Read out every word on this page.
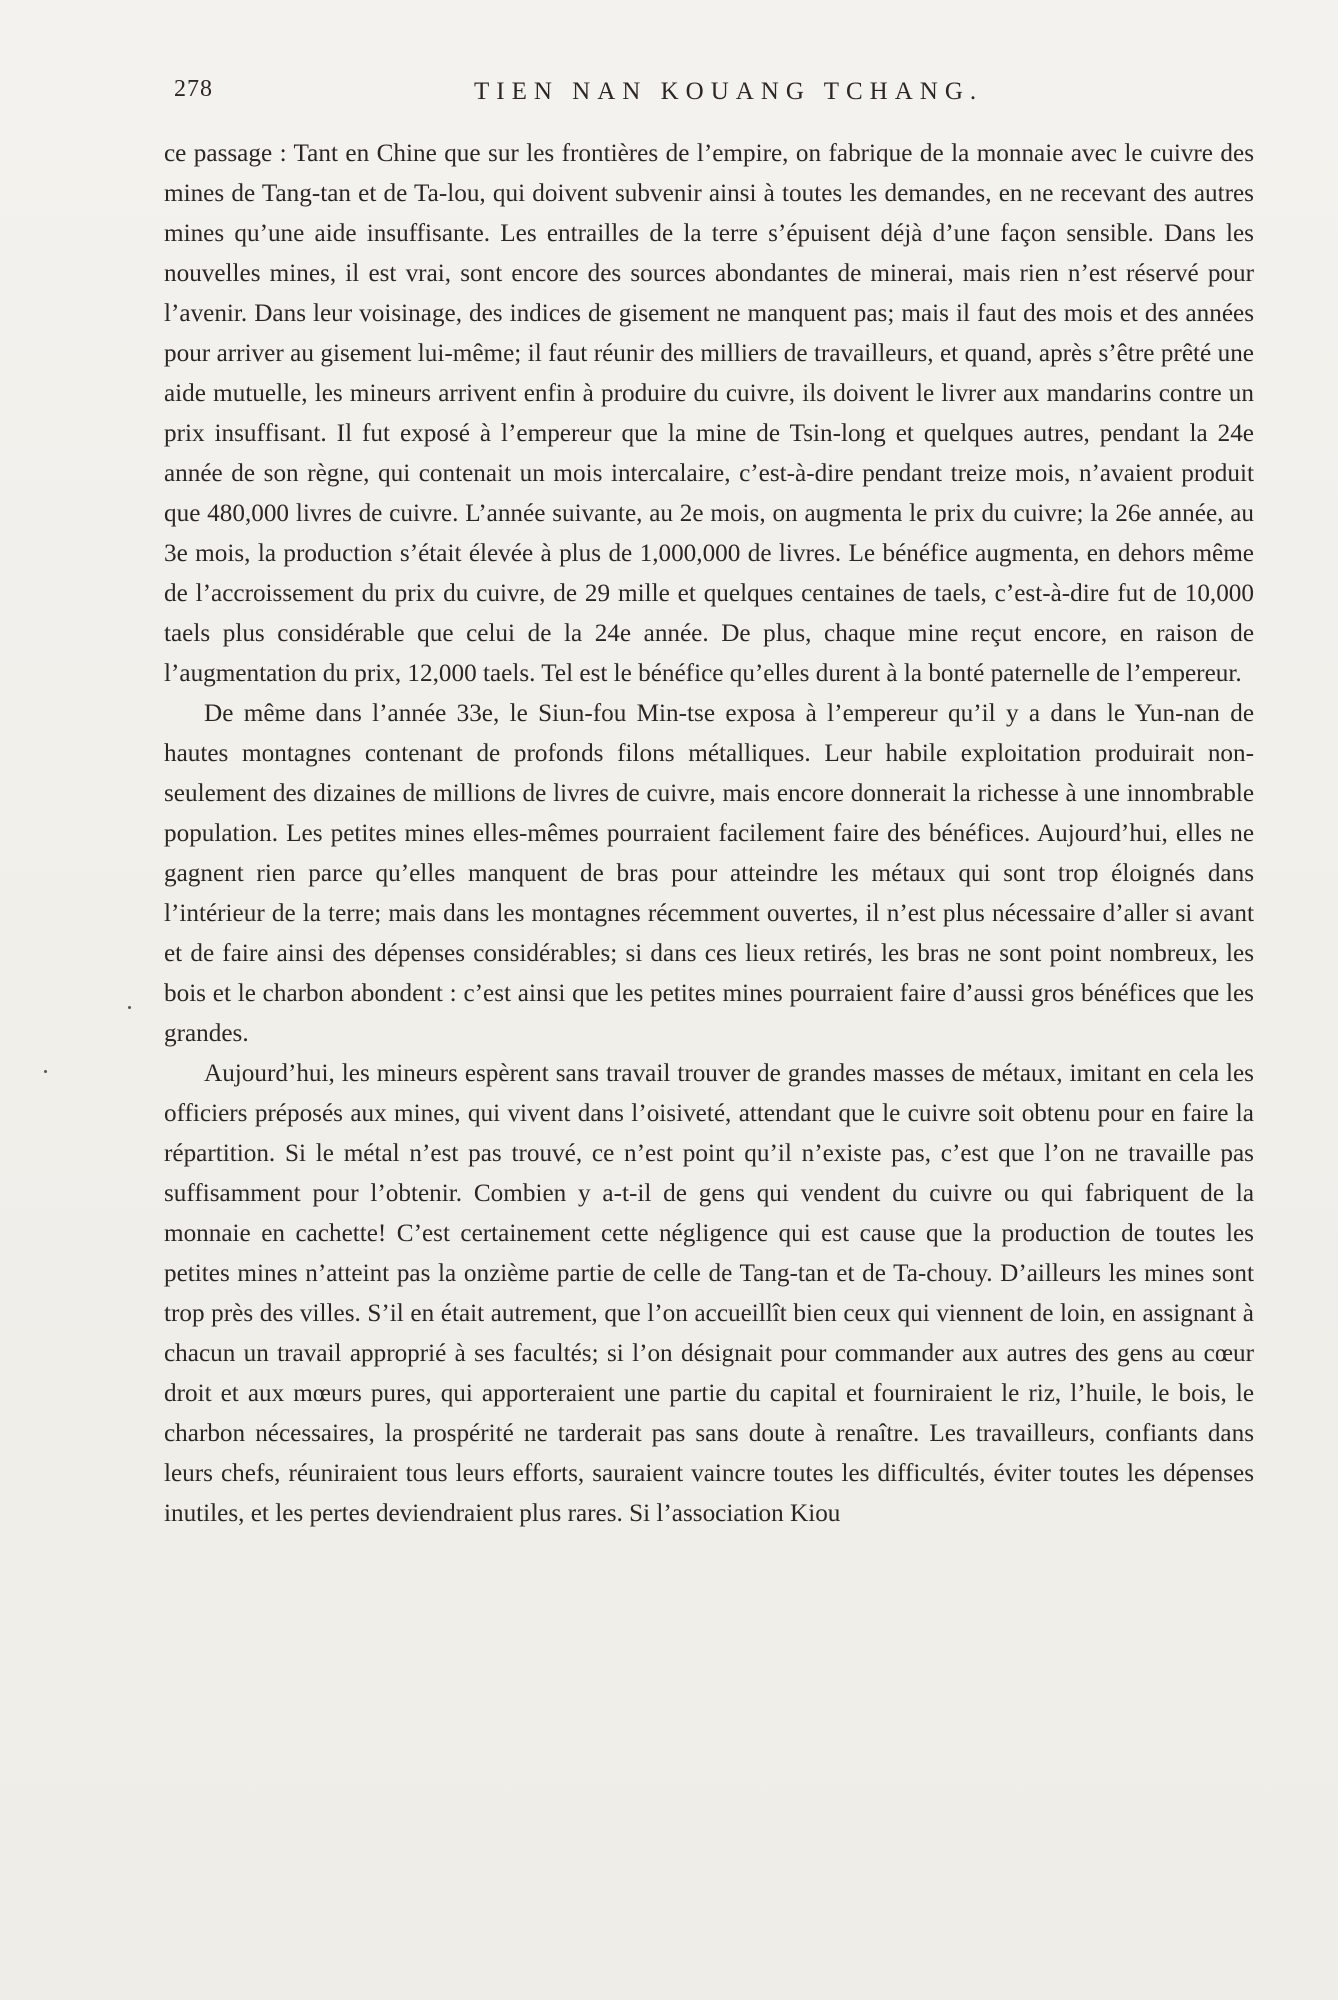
278	TIEN NAN KOUANG TCHANG.

ce passage : Tant en Chine que sur les frontières de l’empire, on fabrique de la monnaie avec le cuivre des mines de Tang-tan et de Ta-lou, qui doivent subvenir ainsi à toutes les demandes, en ne recevant des autres mines qu’une aide insuffisante. Les entrailles de la terre s’épuisent déjà d’une façon sensible. Dans les nouvelles mines, il est vrai, sont encore des sources abondantes de minerai, mais rien n’est réservé pour l’avenir. Dans leur voisinage, des indices de gisement ne manquent pas; mais il faut des mois et des années pour arriver au gisement lui-même; il faut réunir des milliers de travailleurs, et quand, après s’être prêté une aide mutuelle, les mineurs arrivent enfin à produire du cuivre, ils doivent le livrer aux mandarins contre un prix insuffisant. Il fut exposé à l’empereur que la mine de Tsin-long et quelques autres, pendant la 24e année de son règne, qui contenait un mois intercalaire, c’est-à-dire pendant treize mois, n’avaient produit que 480,000 livres de cuivre. L’année suivante, au 2e mois, on augmenta le prix du cuivre; la 26e année, au 3e mois, la production s’était élevée à plus de 1,000,000 de livres. Le bénéfice augmenta, en dehors même de l’accroissement du prix du cuivre, de 29 mille et quelques centaines de taels, c’est-à-dire fut de 10,000 taels plus considérable que celui de la 24e année. De plus, chaque mine reçut encore, en raison de l’augmentation du prix, 12,000 taels. Tel est le bénéfice qu’elles durent à la bonté paternelle de l’empereur.

De même dans l’année 33e, le Siun-fou Min-tse exposa à l’empereur qu’il y a dans le Yun-nan de hautes montagnes contenant de profonds filons métalliques. Leur habile exploitation produirait non-seulement des dizaines de millions de livres de cuivre, mais encore donnerait la richesse à une innombrable population. Les petites mines elles-mêmes pourraient facilement faire des bénéfices. Aujourd’hui, elles ne gagnent rien parce qu’elles manquent de bras pour atteindre les métaux qui sont trop éloignés dans l’intérieur de la terre; mais dans les montagnes récemment ouvertes, il n’est plus nécessaire d’aller si avant et de faire ainsi des dépenses considérables; si dans ces lieux retirés, les bras ne sont point nombreux, les bois et le charbon abondent : c’est ainsi que les petites mines pourraient faire d’aussi gros bénéfices que les grandes.

Aujourd’hui, les mineurs espèrent sans travail trouver de grandes masses de métaux, imitant en cela les officiers préposés aux mines, qui vivent dans l’oisiveté, attendant que le cuivre soit obtenu pour en faire la répartition. Si le métal n’est pas trouvé, ce n’est point qu’il n’existe pas, c’est que l’on ne travaille pas suffisamment pour l’obtenir. Combien y a-t-il de gens qui vendent du cuivre ou qui fabriquent de la monnaie en cachette! C’est certainement cette négligence qui est cause que la production de toutes les petites mines n’atteint pas la onzième partie de celle de Tang-tan et de Ta-chouy. D’ailleurs les mines sont trop près des villes. S’il en était autrement, que l’on accueillît bien ceux qui viennent de loin, en assignant à chacun un travail approprié à ses facultés; si l’on désignait pour commander aux autres des gens au cœur droit et aux mœurs pures, qui apporteraient une partie du capital et fourniraient le riz, l’huile, le bois, le charbon nécessaires, la prospérité ne tarderait pas sans doute à renaître. Les travailleurs, confiants dans leurs chefs, réuniraient tous leurs efforts, sauraient vaincre toutes les difficultés, éviter toutes les dépenses inutiles, et les pertes deviendraient plus rares. Si l’association Kiou
